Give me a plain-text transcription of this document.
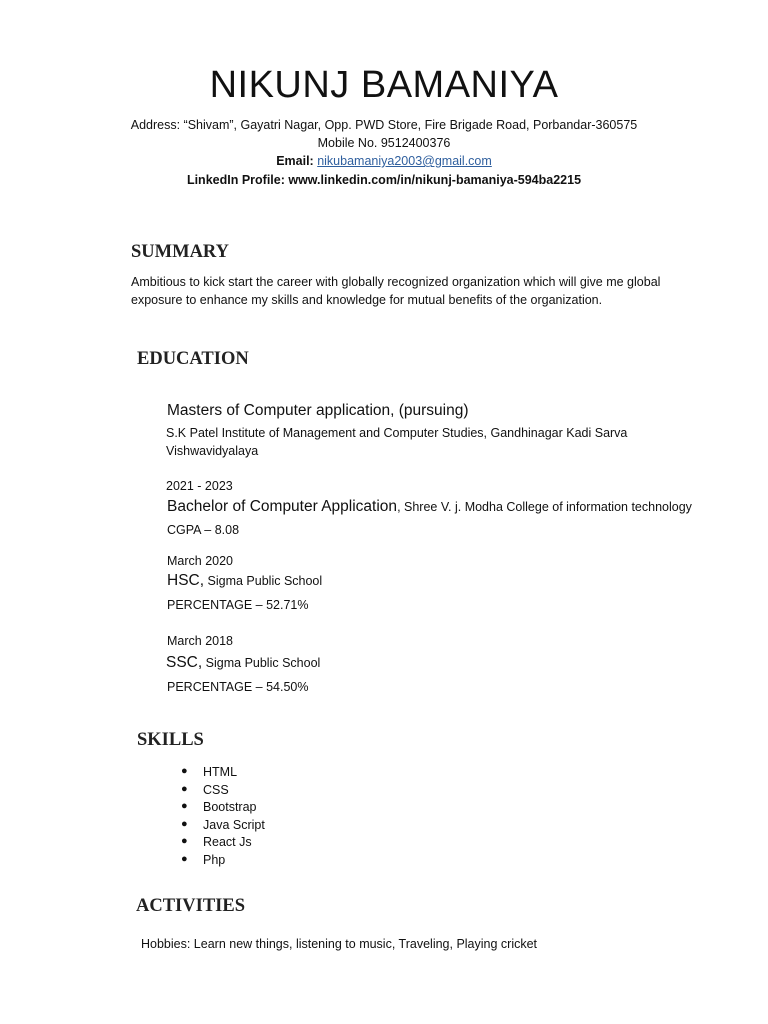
NIKUNJ BAMANIYA
Address: “Shivam”, Gayatri Nagar, Opp. PWD Store, Fire Brigade Road, Porbandar-360575
Mobile No. 9512400376
Email: nikubamaniya2003@gmail.com
LinkedIn Profile: www.linkedin.com/in/nikunj-bamaniya-594ba2215
SUMMARY
Ambitious to kick start the career with globally recognized organization which will give me global
exposure to enhance my skills and knowledge for mutual benefits of the organization.
EDUCATION
Masters of Computer application, (pursuing)
S.K Patel Institute of Management and Computer Studies, Gandhinagar Kadi Sarva
Vishwavidyalaya
2021 - 2023
Bachelor of Computer Application, Shree V. j. Modha College of information technology
CGPA – 8.08
March 2020
HSC, Sigma Public School
PERCENTAGE – 52.71%
March 2018
SSC, Sigma Public School
PERCENTAGE – 54.50%
SKILLS
● HTML
● CSS
● Bootstrap
● Java Script
● React Js
● Php
ACTIVITIES
Hobbies: Learn new things, listening to music, Traveling, Playing cricket
